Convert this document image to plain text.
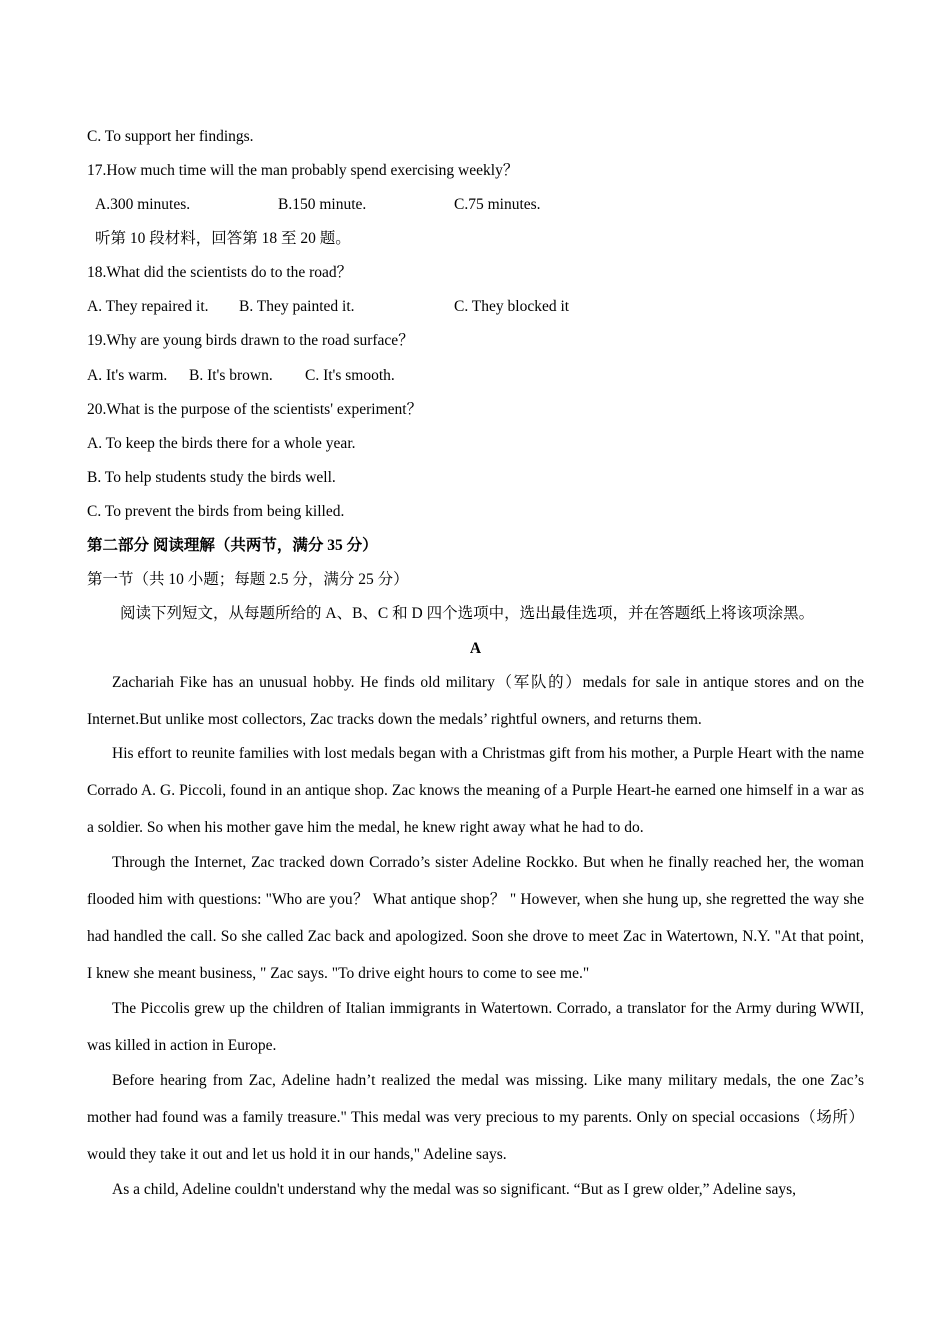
C. To support her findings.
17.How much time will the man probably spend exercising weekly？
A.300 minutes.	B.150 minute.	C.75 minutes.
听第 10 段材料，回答第 18 至 20 题。
18.What did the scientists do to the road？
A. They repaired it. B. They painted it.	C. They blocked it
19.Why are young birds drawn to the road surface？
A. It's warm. B. It's brown. C. It's smooth.
20.What is the purpose of the scientists' experiment？
A. To keep the birds there for a whole year.
B. To help students study the birds well.
C. To prevent the birds from being killed.
第二部分 阅读理解（共两节，满分 35 分）
第一节（共 10 小题；每题 2.5 分，满分 25 分）
阅读下列短文，从每题所给的 A、B、C 和 D 四个选项中，选出最佳选项，并在答题纸上将该项涂黑。
A
Zachariah Fike has an unusual hobby. He finds old military（军队的）medals for sale in antique stores and on the Internet.But unlike most collectors, Zac tracks down the medals’ rightful owners, and returns them.
His effort to reunite families with lost medals began with a Christmas gift from his mother, a Purple Heart with the name Corrado A. G. Piccoli, found in an antique shop. Zac knows the meaning of a Purple Heart-he earned one himself in a war as a soldier. So when his mother gave him the medal, he knew right away what he had to do.
Through the Internet, Zac tracked down Corrado’s sister Adeline Rockko. But when he finally reached her, the woman flooded him with questions: "Who are you？ What antique shop？ " However, when she hung up, she regretted the way she had handled the call. So she called Zac back and apologized. Soon she drove to meet Zac in Watertown, N.Y. "At that point, I knew she meant business, " Zac says. "To drive eight hours to come to see me."
The Piccolis grew up the children of Italian immigrants in Watertown. Corrado, a translator for the Army during WWII, was killed in action in Europe.
Before hearing from Zac, Adeline hadn’t realized the medal was missing. Like many military medals, the one Zac’s mother had found was a family treasure." This medal was very precious to my parents. Only on special occasions（场所）would they take it out and let us hold it in our hands," Adeline says.
As a child, Adeline couldn't understand why the medal was so significant. “But as I grew older,” Adeline says,
